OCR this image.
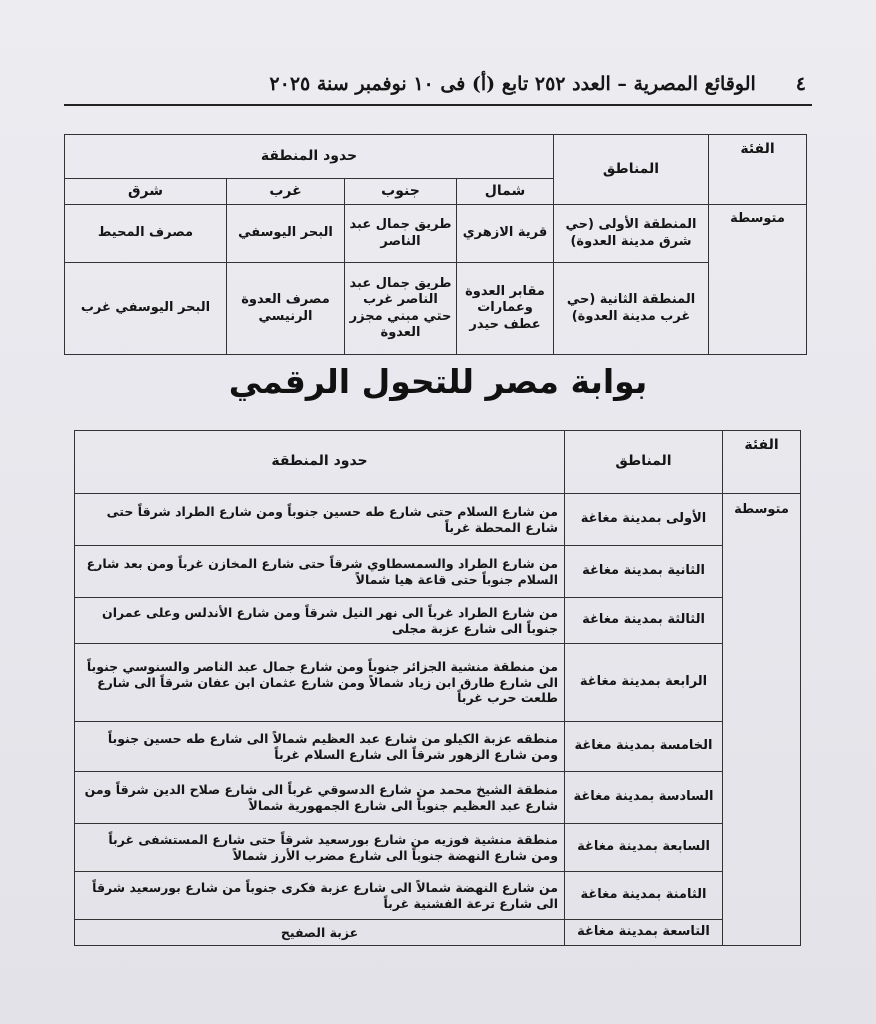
٤
الوقائع المصرية – العدد ٢٥٢ تابع (أ) فى ١٠ نوفمبر سنة ٢٠٢٥
الفئة	المناطق	حدود المنطقة			
		شمال	جنوب	غرب	شرق
متوسطة	المنطقة الأولى (حي شرق مدينة العدوة)	قرية الازهري	طريق جمال عبد الناصر	البحر اليوسفي	مصرف المحيط
	المنطقة الثانية (حي غرب مدينة العدوة)	مقابر العدوة وعمارات عطف حيدر	طريق جمال عبد الناصر غرب حتي مبني مجزر العدوة	مصرف العدوة الرنيسي	البحر اليوسفي غرب
بوابة مصر للتحول الرقمي
الفئة	المناطق	حدود المنطقة
متوسطة	الأولى بمدينة مغاغة	من شارع السلام حتى شارع طه حسين جنوباً ومن شارع الطراد شرقاً حتى شارع المحطة غرباً
	الثانية بمدينة مغاغة	من شارع الطراد والسمسطاوي شرقاً حتى شارع المخازن غرباً ومن بعد شارع السلام جنوباً حتى قاعة هيا شمالاً
	الثالثة بمدينة مغاغة	من شارع الطراد غرباً الى نهر النيل شرقاً ومن شارع الأندلس وعلى عمران جنوباً الى شارع عزبة مجلى
	الرابعة بمدينة مغاغة	من منطقة منشية الجزائر جنوباً ومن شارع جمال عبد الناصر والسنوسي جنوباً الى شارع طارق ابن زياد شمالاً ومن شارع عثمان ابن عفان شرقاً الى شارع طلعت حرب غرباً
	الخامسة بمدينة مغاغة	منطقه عزبة الكيلو من شارع عبد العظيم شمالاً الى شارع طه حسين جنوباً ومن شارع الزهور شرقاً الى شارع السلام غرباً
	السادسة بمدينة مغاغة	منطقة الشيخ محمد من شارع الدسوقي غرباً الى شارع صلاح الدين شرقاً ومن شارع عبد العظيم جنوباً الى شارع الجمهورية شمالاً
	السابعة بمدينة مغاغة	منطقة منشية فوزيه من شارع بورسعيد شرقاً حتى شارع المستشفى غرباً ومن شارع النهضة جنوباً الى شارع مضرب الأرز شمالاً
	الثامنة بمدينة مغاغة	من شارع النهضة شمالاً الى شارع عزبة فكرى جنوباً من شارع بورسعيد شرقاً الى شارع ترعة الفشنية غرباً
	التاسعة بمدينة مغاغة	عزبة الصفيح
